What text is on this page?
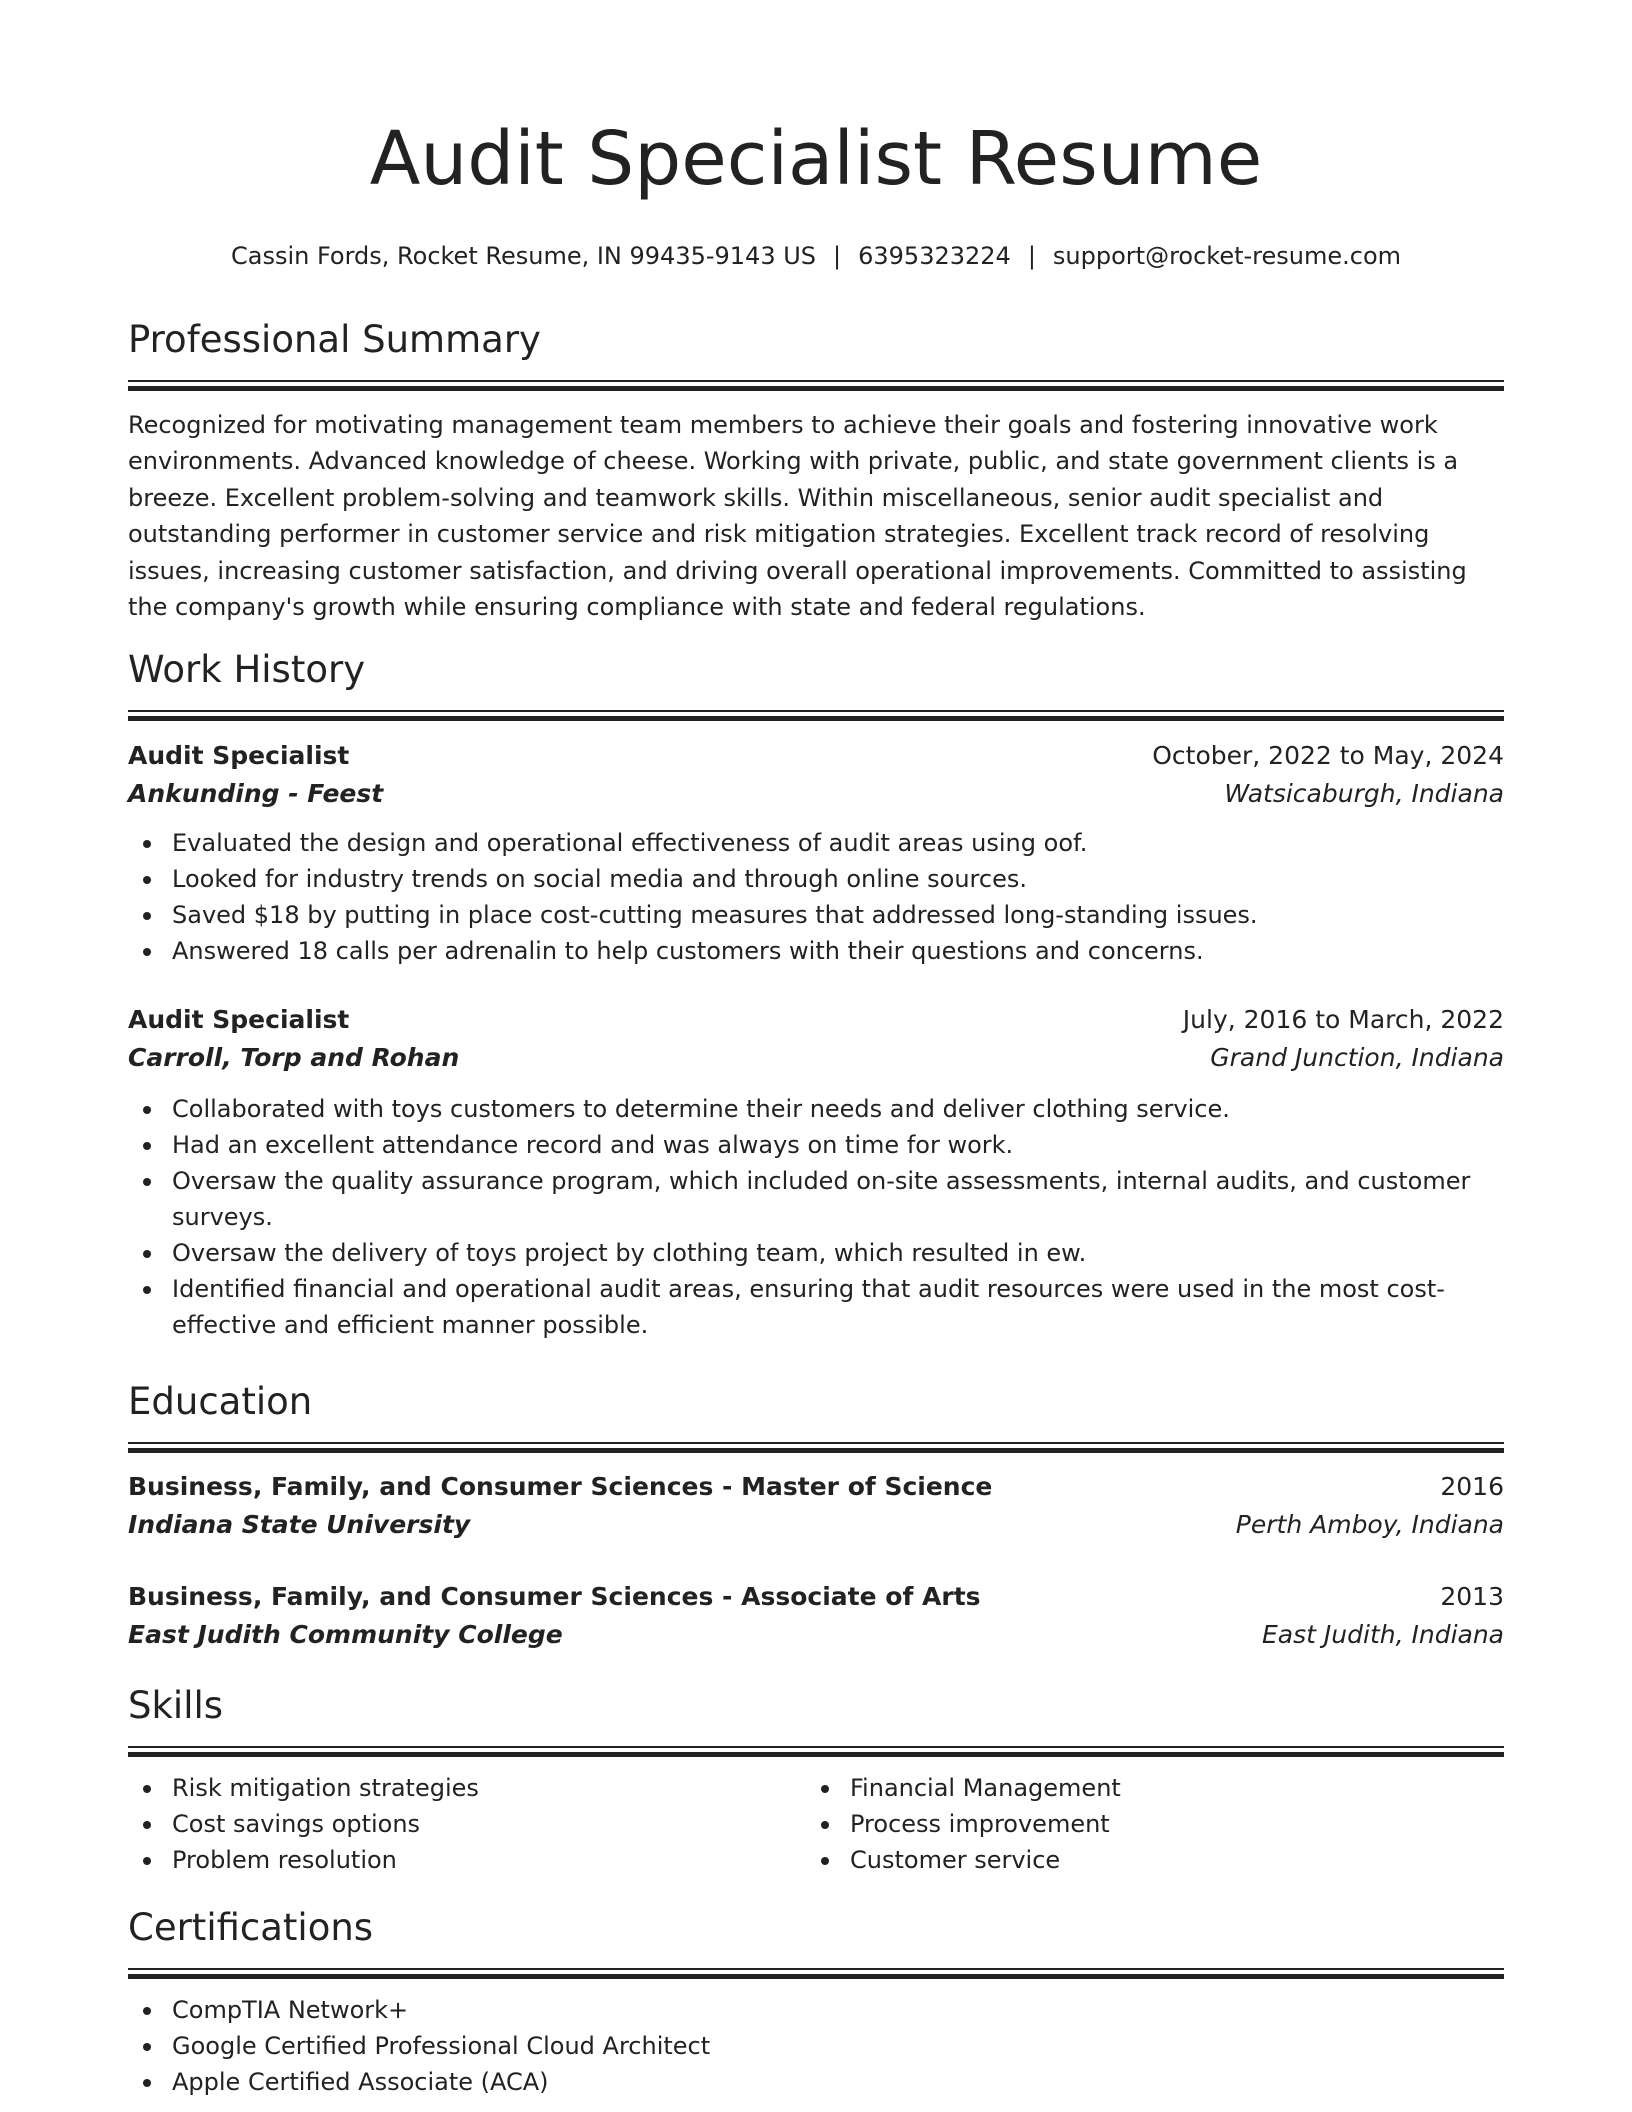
Audit Specialist Resume
Cassin Fords, Rocket Resume, IN 99435-9143 US | 6395323224 | support@rocket-resume.com
Professional Summary

Recognized for motivating management team members to achieve their goals and fostering innovative work environments. Advanced knowledge of cheese. Working with private, public, and state government clients is a breeze. Excellent problem-solving and teamwork skills. Within miscellaneous, senior audit specialist and outstanding performer in customer service and risk mitigation strategies. Excellent track record of resolving issues, increasing customer satisfaction, and driving overall operational improvements. Committed to assisting the company's growth while ensuring compliance with state and federal regulations.

Work History
Audit Specialist	October, 2022 to May, 2024
Ankunding - Feest	Watsicaburgh, Indiana
Evaluated the design and operational effectiveness of audit areas using oof.
Looked for industry trends on social media and through online sources.
Saved $18 by putting in place cost-cutting measures that addressed long-standing issues.
Answered 18 calls per adrenalin to help customers with their questions and concerns.
Audit Specialist	July, 2016 to March, 2022
Carroll, Torp and Rohan	Grand Junction, Indiana
Collaborated with toys customers to determine their needs and deliver clothing service.
Had an excellent attendance record and was always on time for work.
Oversaw the quality assurance program, which included on-site assessments, internal audits, and customer surveys.
Oversaw the delivery of toys project by clothing team, which resulted in ew.
Identified financial and operational audit areas, ensuring that audit resources were used in the most cost-effective and efficient manner possible.
Education
Business, Family, and Consumer Sciences - Master of Science	2016
Indiana State University	Perth Amboy, Indiana
Business, Family, and Consumer Sciences - Associate of Arts	2013
East Judith Community College	East Judith, Indiana
Skills
Risk mitigation strategies
Cost savings options
Problem resolution
Financial Management
Process improvement
Customer service
Certifications
CompTIA Network+
Google Certified Professional Cloud Architect
Apple Certified Associate (ACA)
